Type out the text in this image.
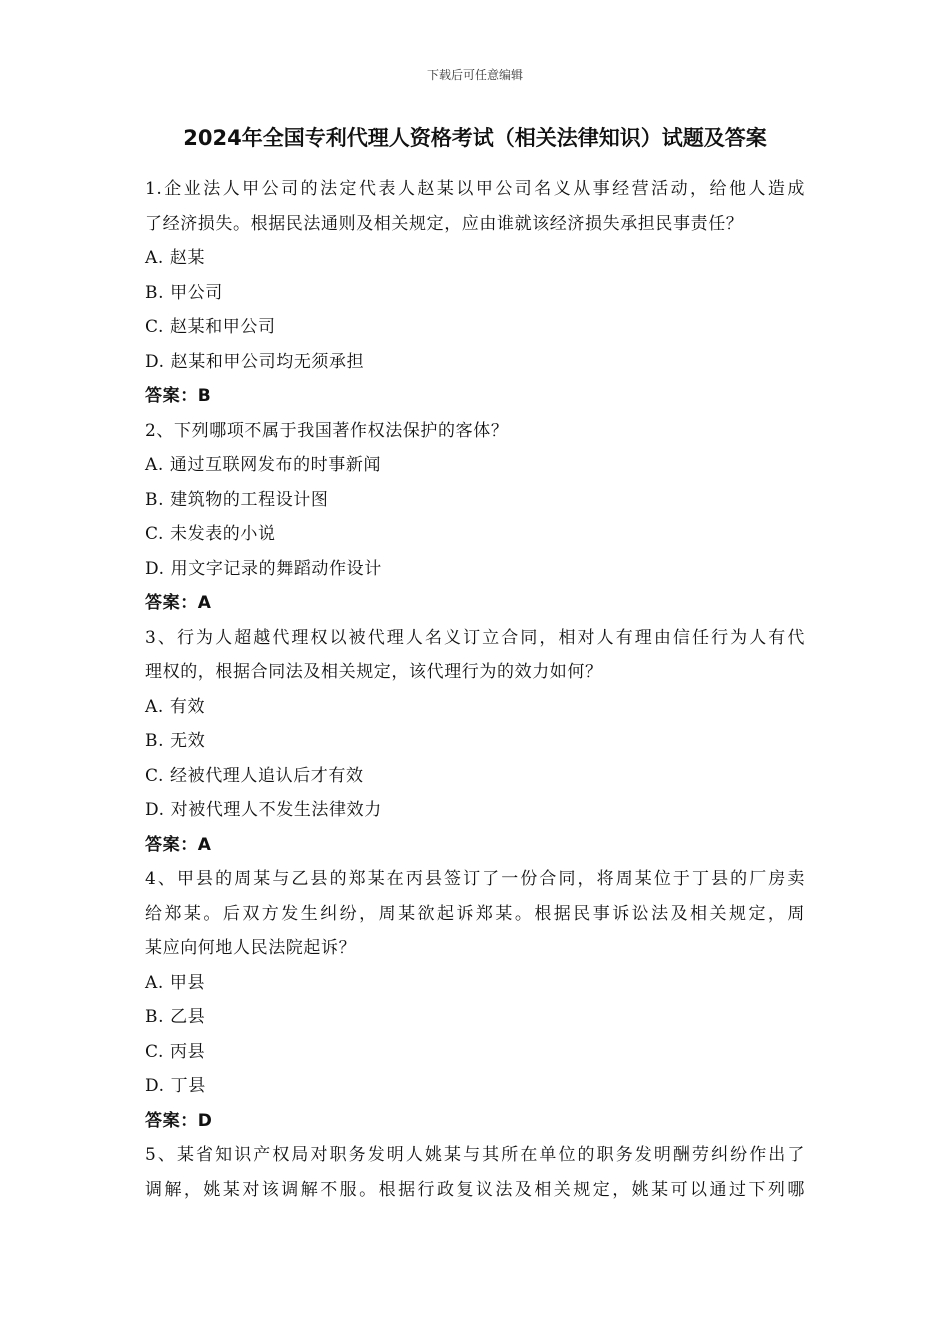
下载后可任意编辑
2024年全国专利代理人资格考试（相关法律知识）试题及答案
1.企业法人甲公司的法定代表人赵某以甲公司名义从事经营活动，给他人造成
了经济损失。根据民法通则及相关规定，应由谁就该经济损失承担民事责任？
A. 赵某
B. 甲公司
C. 赵某和甲公司
D. 赵某和甲公司均无须承担
答案：B
2、下列哪项不属于我国著作权法保护的客体？
A. 通过互联网发布的时事新闻
B. 建筑物的工程设计图
C. 未发表的小说
D. 用文字记录的舞蹈动作设计
答案：A
3、行为人超越代理权以被代理人名义订立合同，相对人有理由信任行为人有代
理权的，根据合同法及相关规定，该代理行为的效力如何？
A. 有效
B. 无效
C. 经被代理人追认后才有效
D. 对被代理人不发生法律效力
答案：A
4、甲县的周某与乙县的郑某在丙县签订了一份合同，将周某位于丁县的厂房卖
给郑某。后双方发生纠纷，周某欲起诉郑某。根据民事诉讼法及相关规定，周
某应向何地人民法院起诉？
A. 甲县
B. 乙县
C. 丙县
D. 丁县
答案：D
5、某省知识产权局对职务发明人姚某与其所在单位的职务发明酬劳纠纷作出了
调解，姚某对该调解不服。根据行政复议法及相关规定，姚某可以通过下列哪
